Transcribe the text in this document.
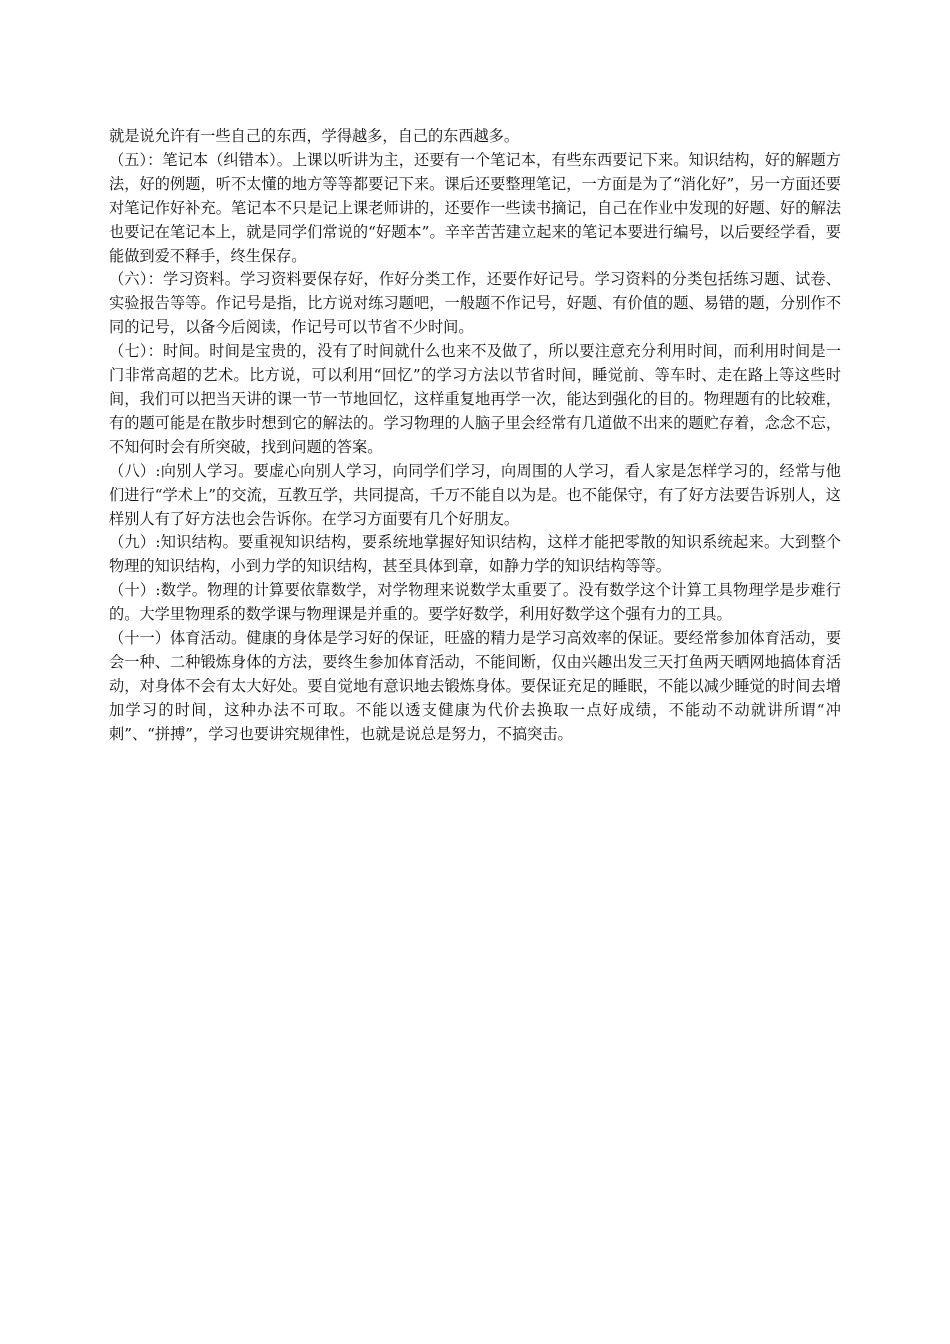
就是说允许有一些自己的东西，学得越多，自己的东西越多。

（五）：笔记本（纠错本）。上课以听讲为主，还要有一个笔记本，有些东西要记下来。知识结构，好的解题方法，好的例题，听不太懂的地方等等都要记下来。课后还要整理笔记，一方面是为了“消化好”，另一方面还要对笔记作好补充。笔记本不只是记上课老师讲的，还要作一些读书摘记，自己在作业中发现的好题、好的解法也要记在笔记本上，就是同学们常说的“好题本”。辛辛苦苦建立起来的笔记本要进行编号，以后要经学看，要能做到爱不释手，终生保存。

（六）：学习资料。学习资料要保存好，作好分类工作，还要作好记号。学习资料的分类包括练习题、试卷、实验报告等等。作记号是指，比方说对练习题吧，一般题不作记号，好题、有价值的题、易错的题，分别作不同的记号，以备今后阅读，作记号可以节省不少时间。

（七）：时间。时间是宝贵的，没有了时间就什么也来不及做了，所以要注意充分利用时间，而利用时间是一门非常高超的艺术。比方说，可以利用“回忆”的学习方法以节省时间，睡觉前、等车时、走在路上等这些时间，我们可以把当天讲的课一节一节地回忆，这样重复地再学一次，能达到强化的目的。物理题有的比较难，有的题可能是在散步时想到它的解法的。学习物理的人脑子里会经常有几道做不出来的题贮存着，念念不忘，不知何时会有所突破，找到问题的答案。

（八）:向别人学习。要虚心向别人学习，向同学们学习，向周围的人学习，看人家是怎样学习的，经常与他们进行“学术上”的交流，互教互学，共同提高，千万不能自以为是。也不能保守，有了好方法要告诉别人，这样别人有了好方法也会告诉你。在学习方面要有几个好朋友。

（九）:知识结构。要重视知识结构，要系统地掌握好知识结构，这样才能把零散的知识系统起来。大到整个物理的知识结构，小到力学的知识结构，甚至具体到章，如静力学的知识结构等等。

（十）:数学。物理的计算要依靠数学，对学物理来说数学太重要了。没有数学这个计算工具物理学是步难行的。大学里物理系的数学课与物理课是并重的。要学好数学，利用好数学这个强有力的工具。

（十一）体育活动。健康的身体是学习好的保证，旺盛的精力是学习高效率的保证。要经常参加体育活动，要会一种、二种锻炼身体的方法，要终生参加体育活动，不能间断，仅由兴趣出发三天打鱼两天晒网地搞体育活动，对身体不会有太大好处。要自觉地有意识地去锻炼身体。要保证充足的睡眠，不能以减少睡觉的时间去增加学习的时间，这种办法不可取。不能以透支健康为代价去换取一点好成绩，不能动不动就讲所谓“冲刺”、“拼搏”，学习也要讲究规律性，也就是说总是努力，不搞突击。
